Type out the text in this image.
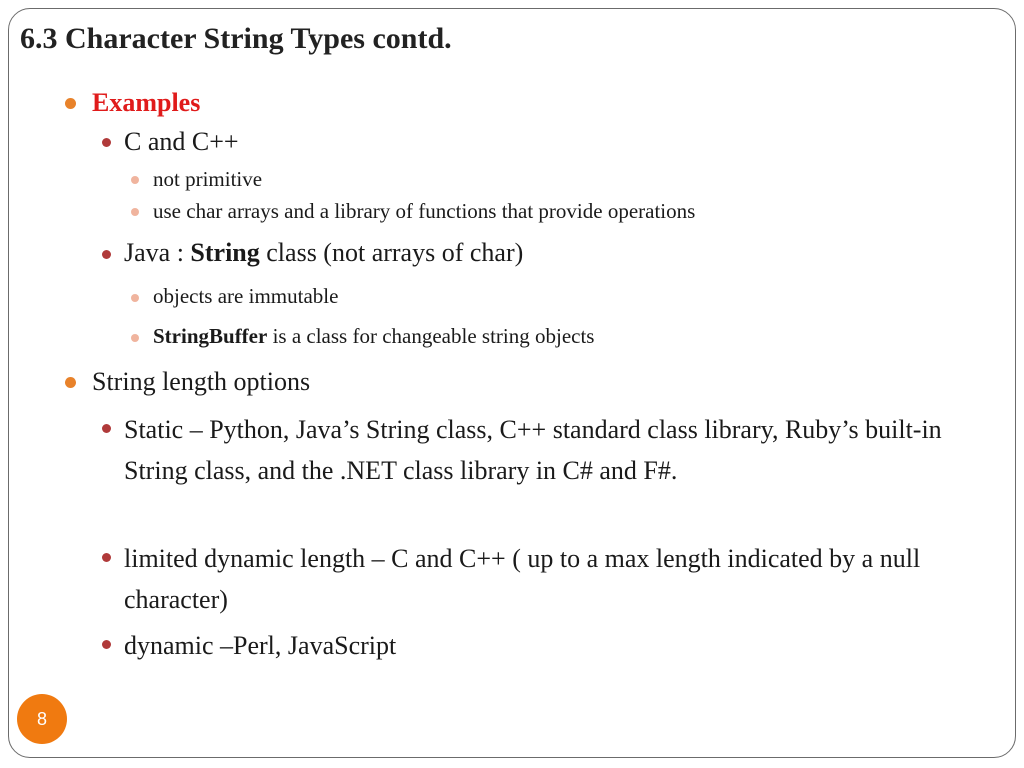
6.3 Character String Types contd.
Examples
C and C++
not primitive
use char arrays and a library of functions that provide operations
Java : String class (not arrays of char)
objects are immutable
StringBuffer is a class for changeable string objects
String length options
Static – Python, Java’s String class, C++ standard class library, Ruby’s built-in String class, and the .NET class library in C# and F#.
limited dynamic length – C and C++ ( up to a max length indicated by a null character)
dynamic –Perl, JavaScript
8
